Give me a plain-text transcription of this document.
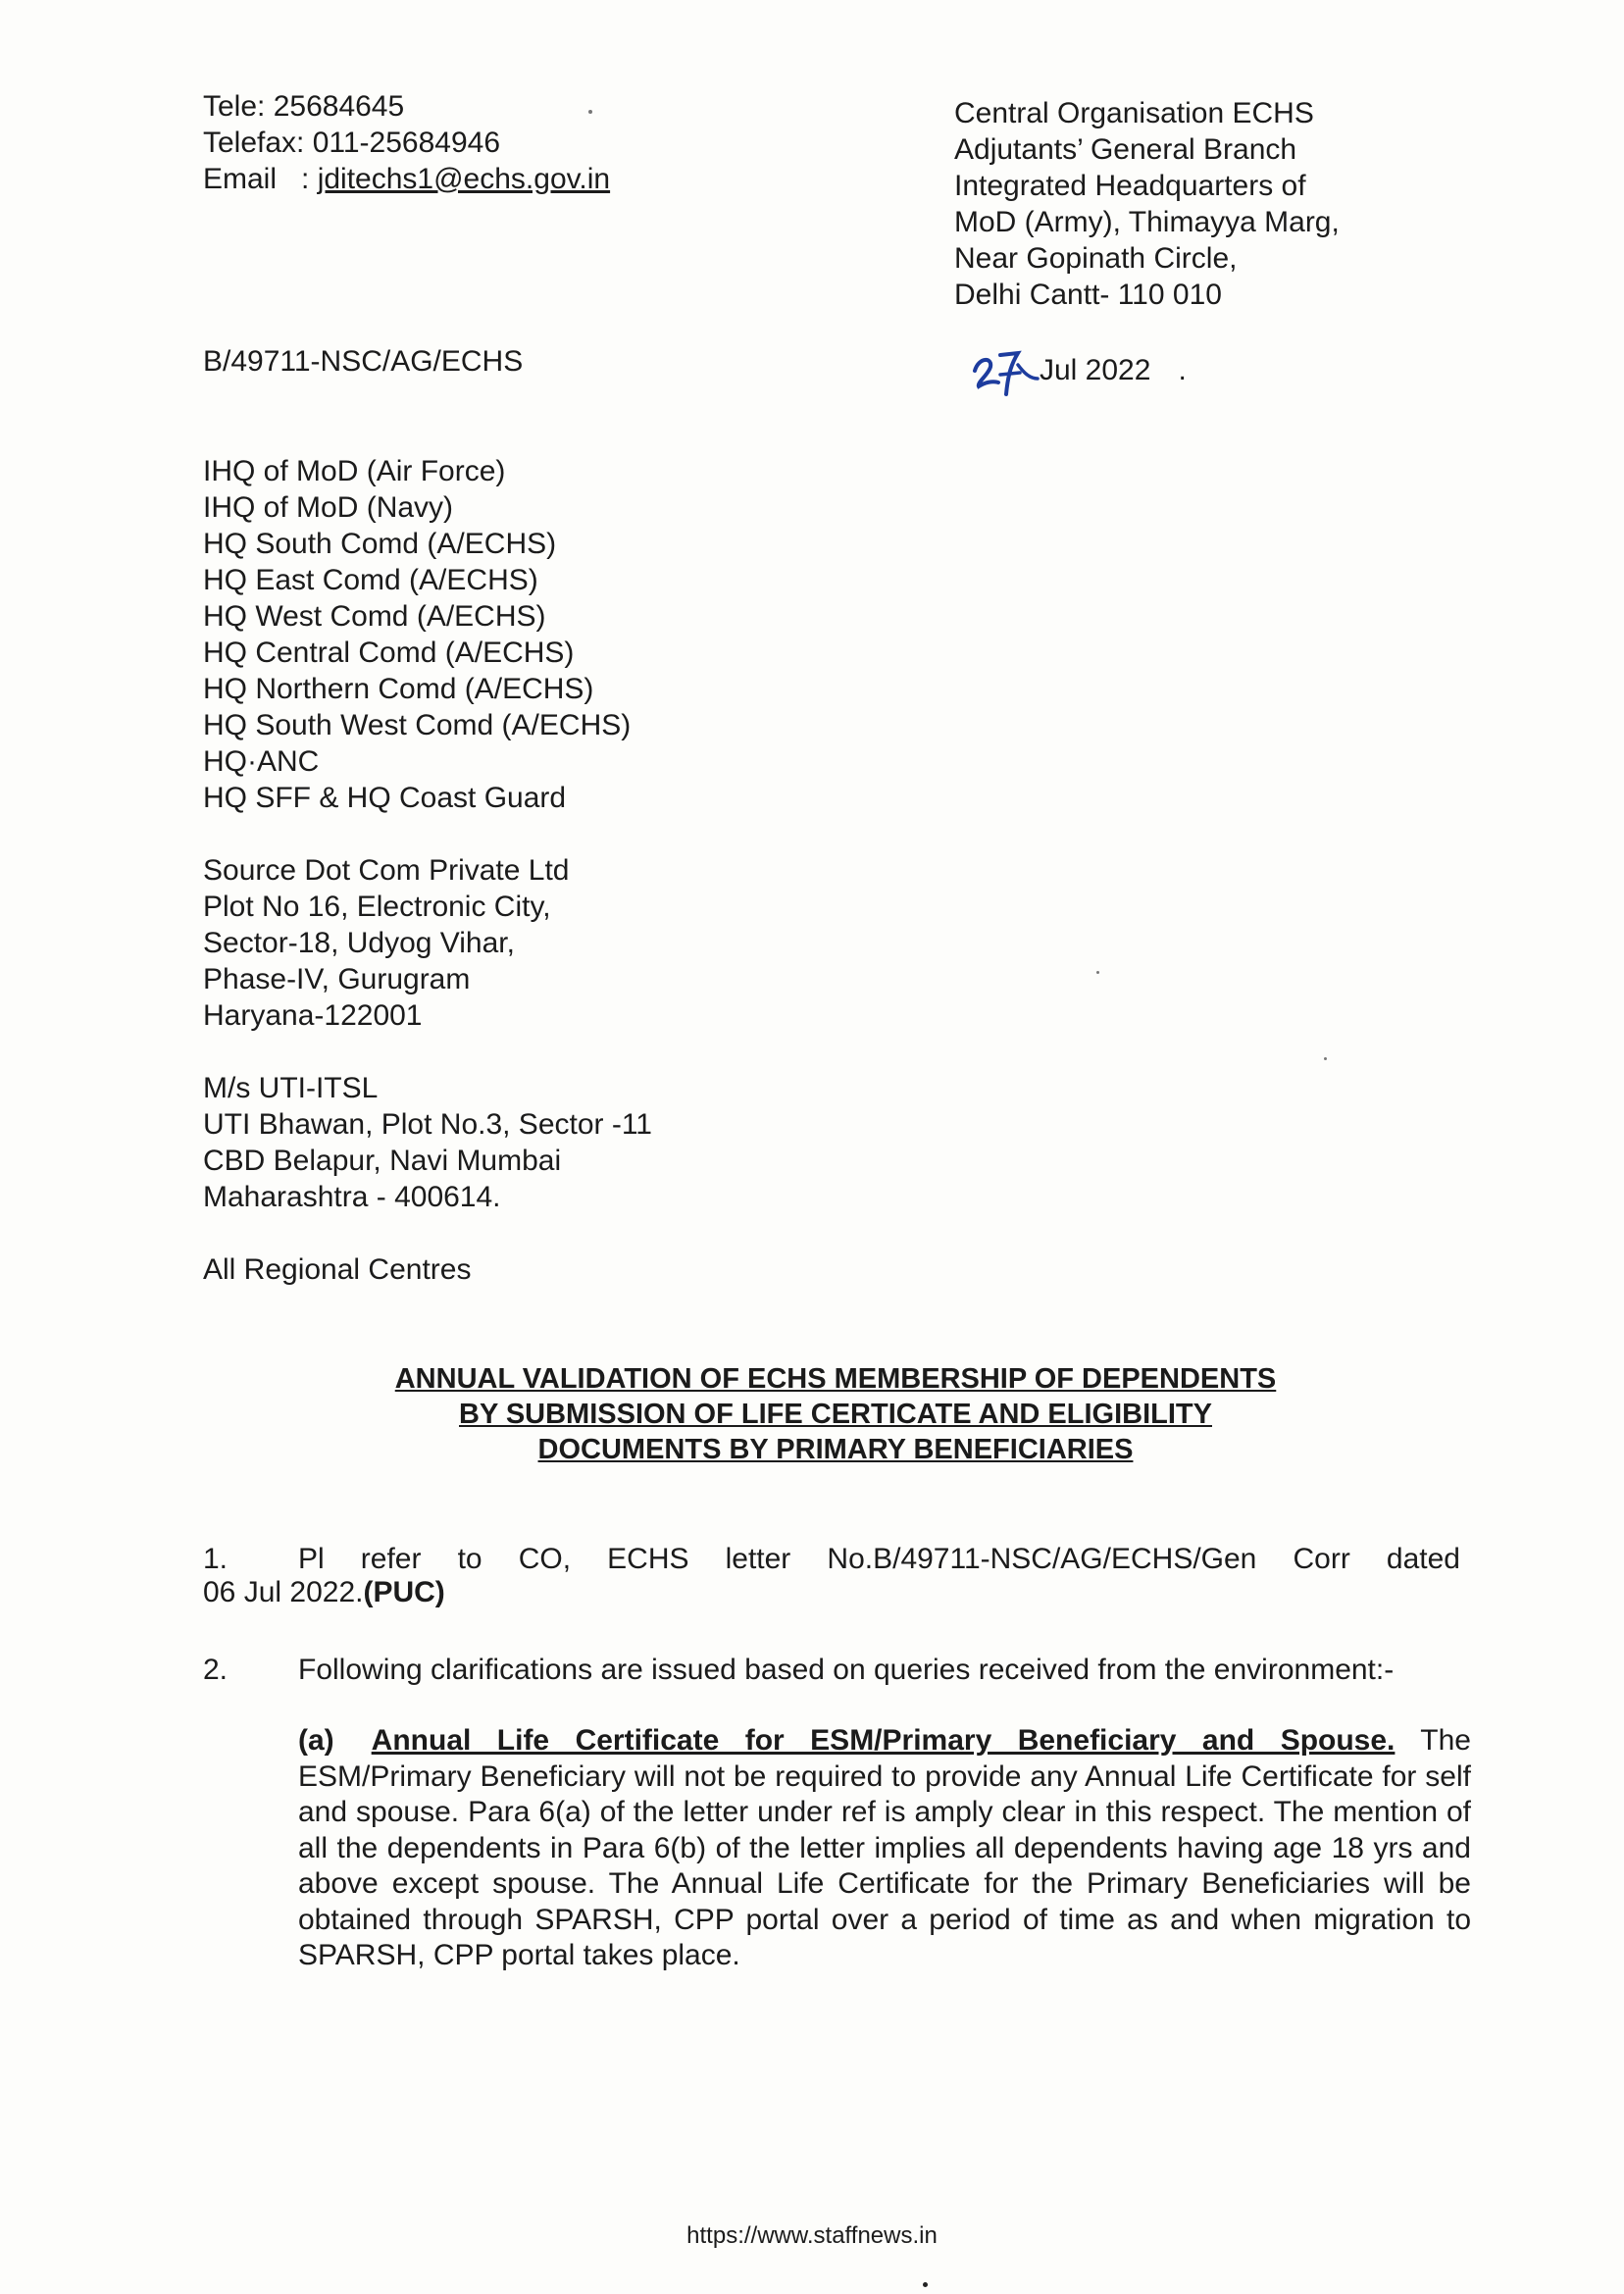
Tele: 25684645
Telefax: 011-25684946
Email   : jditechs1@echs.gov.in
Central Organisation ECHS
Adjutants’ General Branch
Integrated Headquarters of
MoD (Army), Thimayya Marg,
Near Gopinath Circle,
Delhi Cantt- 110 010
B/49711-NSC/AG/ECHS	Jul 2022 .
IHQ of MoD (Air Force)
IHQ of MoD (Navy)
HQ South Comd (A/ECHS)
HQ East Comd (A/ECHS)
HQ West Comd (A/ECHS)
HQ Central Comd (A/ECHS)
HQ Northern Comd (A/ECHS)
HQ South West Comd (A/ECHS)
HQ·ANC
HQ SFF & HQ Coast Guard
Source Dot Com Private Ltd
Plot No 16, Electronic City,
Sector-18, Udyog Vihar,
Phase-IV, Gurugram
Haryana-122001
M/s UTI-ITSL
UTI Bhawan, Plot No.3, Sector -11
CBD Belapur, Navi Mumbai
Maharashtra - 400614.
All Regional Centres
ANNUAL VALIDATION OF ECHS MEMBERSHIP OF DEPENDENTS
BY SUBMISSION OF LIFE CERTICATE AND ELIGIBILITY
DOCUMENTS BY PRIMARY BENEFICIARIES
1. Pl refer to CO, ECHS letter No.B/49711-NSC/AG/ECHS/Gen Corr dated
06 Jul 2022.(PUC)
2.	Following clarifications are issued based on queries received from the environment:-
(a) Annual Life Certificate for ESM/Primary Beneficiary and Spouse. The ESM/Primary Beneficiary will not be required to provide any Annual Life Certificate for self and spouse. Para 6(a) of the letter under ref is amply clear in this respect. The mention of all the dependents in Para 6(b) of the letter implies all dependents having age 18 yrs and above except spouse. The Annual Life Certificate for the Primary Beneficiaries will be obtained through SPARSH, CPP portal over a period of time as and when migration to SPARSH, CPP portal takes place.
https://www.staffnews.in
